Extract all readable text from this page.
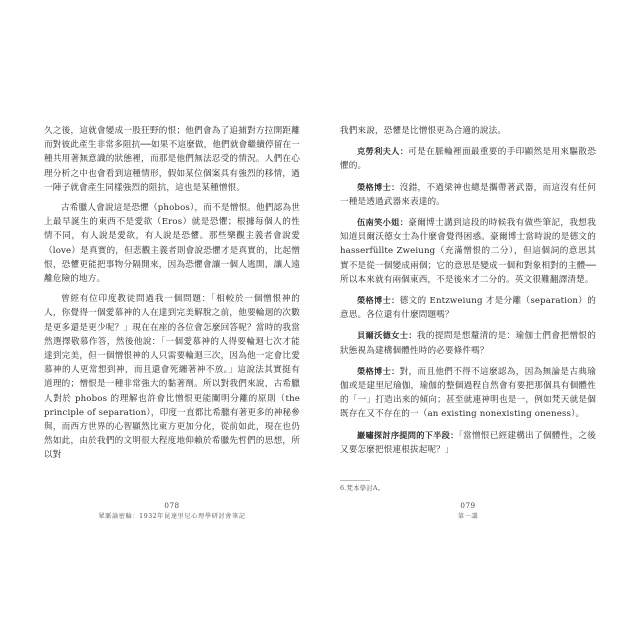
久之後，這就會變成一股狂野的恨；他們會為了追捕對方拉開距離而對彼此產生非常多阻抗──如果不這麼做，他們就會繼續停留在一種共用著無意識的狀態裡，而那是他們無法忍受的情況。人們在心理分析之中也會看到這種情形，假如某位個案具有強烈的移情，過一陣子就會產生同樣強烈的阻抗，這也是某種憎恨。

古希臘人會說這是恐懼（phobos），而不是憎恨。他們認為世上最早誕生的東西不是愛欲（Eros）就是恐懼；根據每個人的性情不同，有人說是愛欲，有人說是恐懼。那些樂觀主義者會說愛（love）是真實的，但悲觀主義者則會說恐懼才是真實的，比起憎恨，恐懼更能把事物分隔開來，因為恐懼會讓一個人逃開，讓人遠離危險的地方。

曾經有位印度教徒問過我一個問題：「相較於一個憎恨神的人，你覺得一個愛慕神的人在達到完美解脫之前，他要輪迴的次數是更多還是更少呢？」現在在座的各位會怎麼回答呢？當時的我當然選擇敬慕作答，然後他說：「一個愛慕神的人得要輪迴七次才能達到完美，但一個憎恨神的人只需要輪迴三次，因為他一定會比愛慕神的人更常想到神，而且還會死纏著神不放。」這說法其實挺有道理的；憎恨是一種非常強大的黏著劑。所以對我們來說，古希臘人對於 phobos 的理解也許會比憎恨更能闡明分離的原則（the principle of separation），印度一直都比希臘有著更多的神秘參與，而西方世界的心智顯然比東方更加分化，從前如此，現在也仍然如此，由於我們的文明很大程度地仰賴於希臘先哲們的思想，所以對

我們來說，恐懼是比憎恨更為合適的說法。

克勞利夫人：可是在脈輪裡面最重要的手印顯然是用來驅散恐懼的。

榮格博士：沒錯，不過梁神也總是攜帶著武器，而這沒有任何一種是透過武器來表達的。

伍南笑小姐：豪爾博士講到這段的時候我有做些筆記，我想我知道貝爾沃德女士為什麼會覺得困惑。豪爾博士當時說的是德文的 hasserfüllte Zweiung（充滿憎恨的二分），但這個詞的意思其實不是從一個變成兩個；它的意思是變成一個和對象相對的主體──所以本來就有兩個東西，不是後來才二分的。英文很難翻譯清楚。

榮格博士：德文的 Entzweiung 才是分離（separation）的意思。各位還有什麼問題嗎？

貝爾沃德女士：我的提問是想釐清的是：瑜伽士們會把憎恨的狀態視為建構個體性時的必要條件嗎？

榮格博士：對，而且他們不得不這麼認為，因為無論是古典瑜伽或是建里尼瑜伽，瑜伽的整個過程自然會有要把那個具有個體性的「一」打造出來的傾向；甚至就連神明也是一，例如梵天就是個既存在又不存在的一（an existing nonexisting oneness）。

巖嘯探討序提問的下半段：「當憎恨已經建構出了個體性，之後又要怎麼把恨連根拔起呢？」

6.梵本學討A。
078
眾脈論密輪：1932年昆達里尼心理學研討會筆記
079
第一講
